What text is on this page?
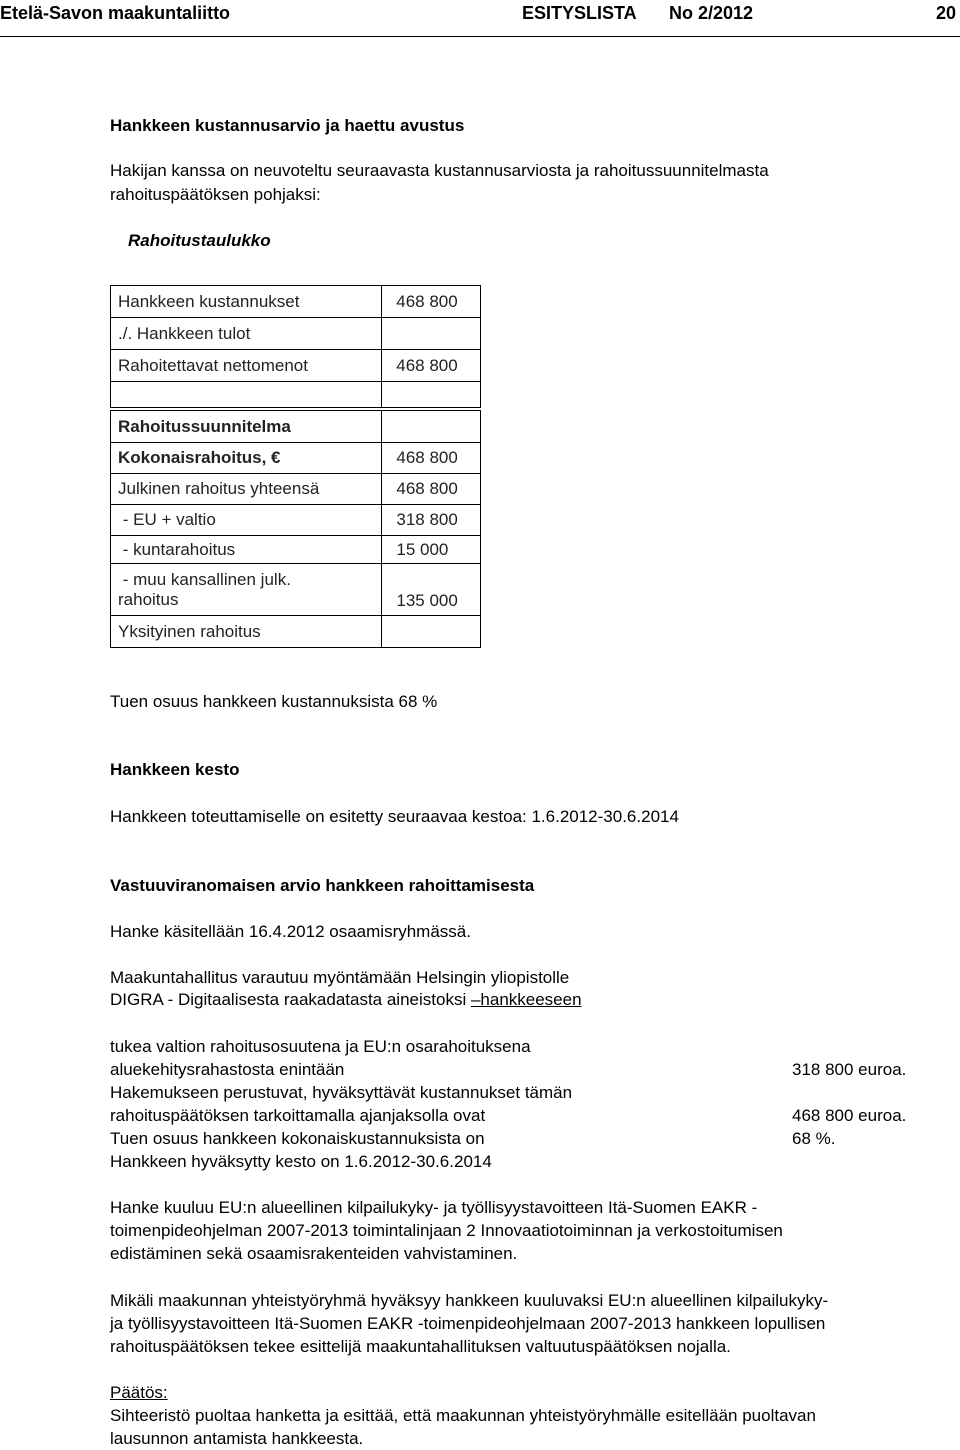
Etelä-Savon maakuntaliitto	ESITYSLISTA No 2/2012	20
Hankkeen kustannusarvio ja haettu avustus
Hakijan kanssa on neuvoteltu seuraavasta kustannusarviosta ja rahoitussuunnitelmasta
rahoituspäätöksen pohjaksi:
Rahoitustaulukko
Hankkeen kustannukset	468 800
./. Hankkeen tulot	
Rahoitettavat nettomenot	468 800

Rahoitussuunnitelma	
Kokonaisrahoitus, €	468 800
Julkinen rahoitus yhteensä	468 800
- EU + valtio	318 800
- kuntarahoitus	15 000

- muu kansallinen julk.
rahoitus	135 000
Yksityinen rahoitus	
Tuen osuus hankkeen kustannuksista 68 %
Hankkeen kesto
Hankkeen toteuttamiselle on esitetty seuraavaa kestoa: 1.6.2012-30.6.2014
Vastuuviranomaisen arvio hankkeen rahoittamisesta
Hanke käsitellään 16.4.2012 osaamisryhmässä.
Maakuntahallitus varautuu myöntämään Helsingin yliopistolle
DIGRA - Digitaalisesta raakadatasta aineistoksi –hankkeeseen
tukea valtion rahoitusosuutena ja EU:n osarahoituksena
aluekehitysrahastosta enintään	318 800 euroa.
Hakemukseen perustuvat, hyväksyttävät kustannukset tämän
rahoituspäätöksen tarkoittamalla ajanjaksolla ovat	468 800 euroa.
Tuen osuus hankkeen kokonaiskustannuksista on	68 %.
Hankkeen hyväksytty kesto on 1.6.2012-30.6.2014
Hanke kuuluu EU:n alueellinen kilpailukyky- ja työllisyystavoitteen Itä-Suomen EAKR -
toimenpideohjelman 2007-2013 toimintalinjaan 2 Innovaatiotoiminnan ja verkostoitumisen
edistäminen sekä osaamisrakenteiden vahvistaminen.
Mikäli maakunnan yhteistyöryhmä hyväksyy hankkeen kuuluvaksi EU:n alueellinen kilpailukyky-
ja työllisyystavoitteen Itä-Suomen EAKR -toimenpideohjelmaan 2007-2013 hankkeen lopullisen
rahoituspäätöksen tekee esittelijä maakuntahallituksen valtuutuspäätöksen nojalla.
Päätös:
Sihteeristö puoltaa hanketta ja esittää, että maakunnan yhteistyöryhmälle esitellään puoltavan
lausunnon antamista hankkeesta.
